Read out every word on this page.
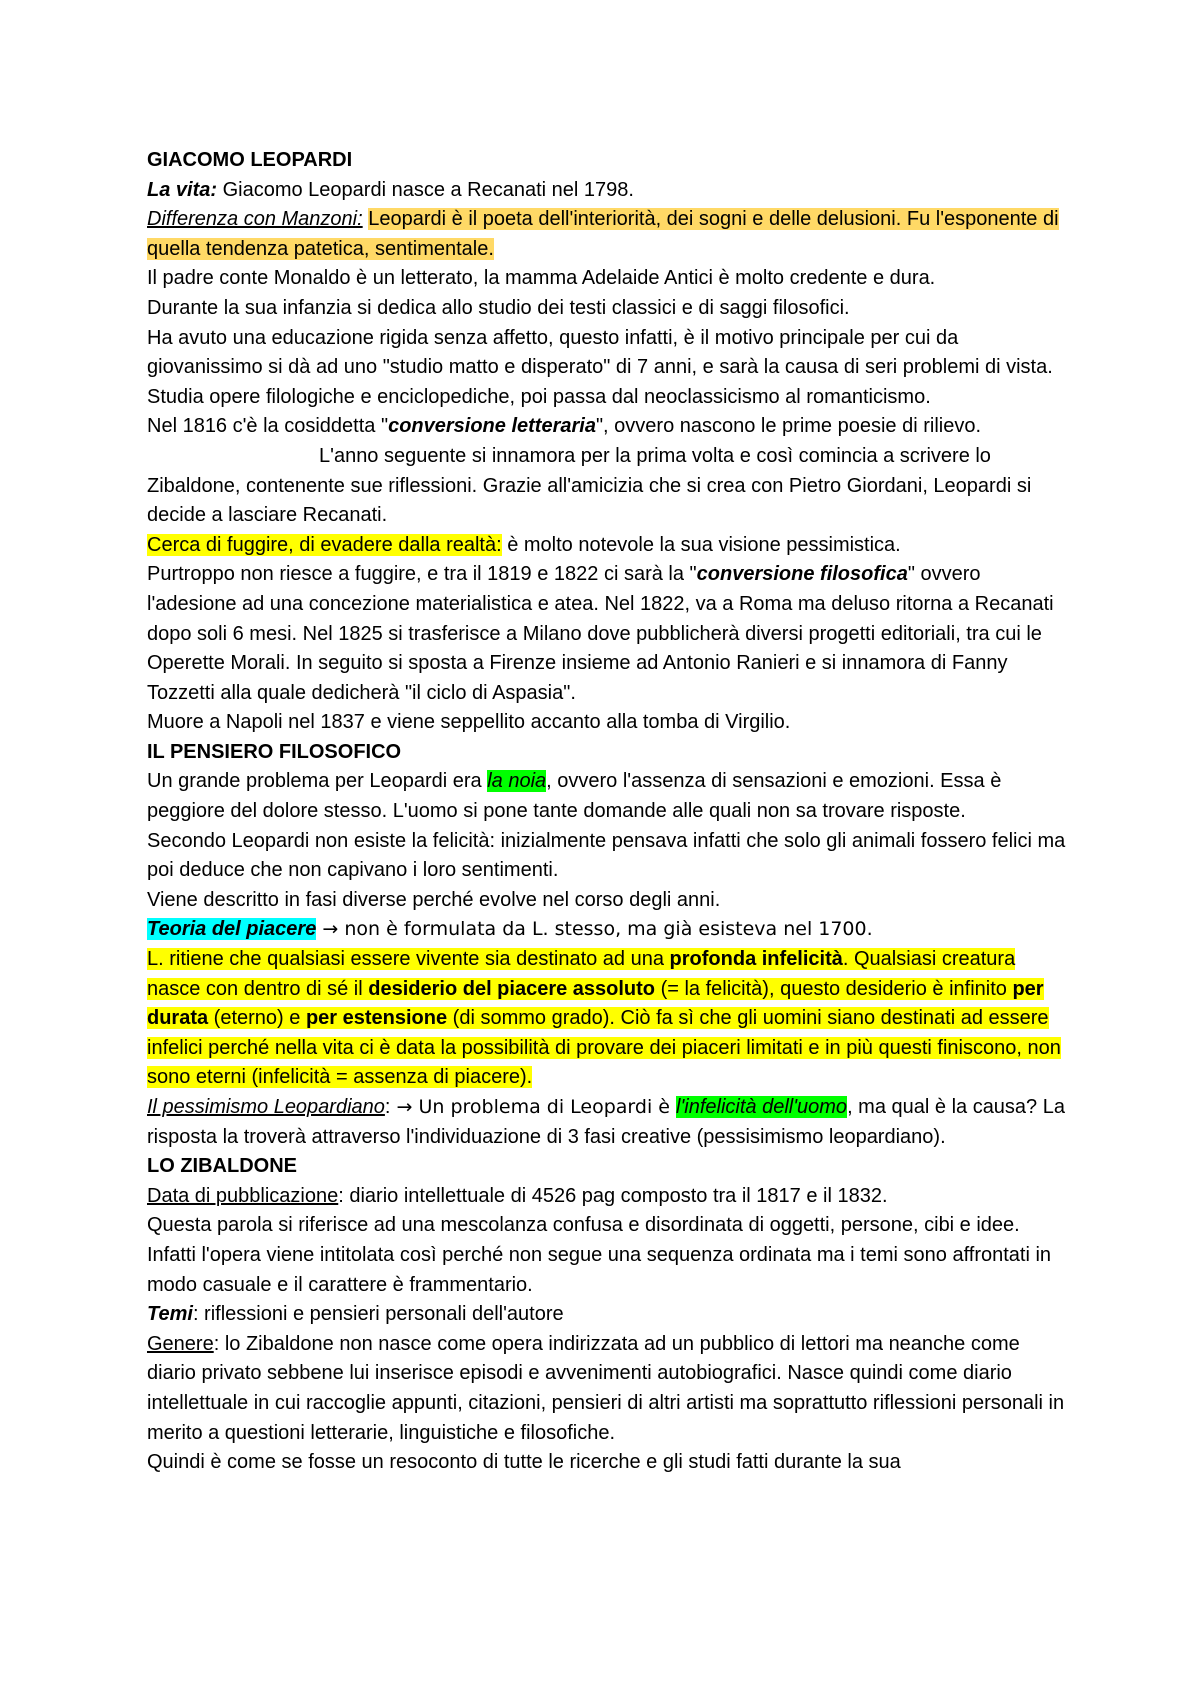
GIACOMO LEOPARDI

La vita: Giacomo Leopardi nasce a Recanati nel 1798.

Differenza con Manzoni: Leopardi è il poeta dell'interiorità, dei sogni e delle delusioni. Fu l'esponente di quella tendenza patetica, sentimentale.

Il padre conte Monaldo è un letterato, la mamma Adelaide Antici è molto credente e dura.

Durante la sua infanzia si dedica allo studio dei testi classici e di saggi filosofici.

Ha avuto una educazione rigida senza affetto, questo infatti, è il motivo principale per cui da giovanissimo si dà ad uno "studio matto e disperato" di 7 anni, e sarà la causa di seri problemi di vista.

Studia opere filologiche e enciclopediche, poi passa dal neoclassicismo al romanticismo.

Nel 1816 c'è la cosiddetta "conversione letteraria", ovvero nascono le prime poesie di rilievo.L'anno seguente si innamora per la prima volta e così comincia a scrivere lo Zibaldone, contenente sue riflessioni. Grazie all'amicizia che si crea con Pietro Giordani, Leopardi si decide a lasciare Recanati.

Cerca di fuggire, di evadere dalla realtà: è molto notevole la sua visione pessimistica.

Purtroppo non riesce a fuggire, e tra il 1819 e 1822 ci sarà la "conversione filosofica" ovvero l'adesione ad una concezione materialistica e atea. Nel 1822, va a Roma ma deluso ritorna a Recanati dopo soli 6 mesi. Nel 1825 si trasferisce a Milano dove pubblicherà diversi progetti editoriali, tra cui le Operette Morali. In seguito si sposta a Firenze insieme ad Antonio Ranieri e si innamora di Fanny Tozzetti alla quale dedicherà "il ciclo di Aspasia".

Muore a Napoli nel 1837 e viene seppellito accanto alla tomba di Virgilio.

IL PENSIERO FILOSOFICO

Un grande problema per Leopardi era la noia, ovvero l'assenza di sensazioni e emozioni. Essa è peggiore del dolore stesso. L'uomo si pone tante domande alle quali non sa trovare risposte.

Secondo Leopardi non esiste la felicità: inizialmente pensava infatti che solo gli animali fossero felici ma poi deduce che non capivano i loro sentimenti.

Viene descritto in fasi diverse perché evolve nel corso degli anni.

Teoria del piacere → non è formulata da L. stesso, ma già esisteva nel 1700.

L. ritiene che qualsiasi essere vivente sia destinato ad una profonda infelicità. Qualsiasi creatura nasce con dentro di sé il desiderio del piacere assoluto (= la felicità), questo desiderio è infinito per durata (eterno) e per estensione (di sommo grado). Ciò fa sì che gli uomini siano destinati ad essere infelici perché nella vita ci è data la possibilità di provare dei piaceri limitati e in più questi finiscono, non sono eterni (infelicità = assenza di piacere).

Il pessimismo Leopardiano: → Un problema di Leopardi è l'infelicità dell'uomo, ma qual è la causa? La risposta la troverà attraverso l'individuazione di 3 fasi creative (pessisimismo leopardiano).

LO ZIBALDONE

Data di pubblicazione: diario intellettuale di 4526 pag composto tra il 1817 e il 1832.

Questa parola si riferisce ad una mescolanza confusa e disordinata di oggetti, persone, cibi e idee. Infatti l'opera viene intitolata così perché non segue una sequenza ordinata ma i temi sono affrontati in modo casuale e il carattere è frammentario.

Temi: riflessioni e pensieri personali dell'autore

Genere: lo Zibaldone non nasce come opera indirizzata ad un pubblico di lettori ma neanche come diario privato sebbene lui inserisce episodi e avvenimenti autobiografici. Nasce quindi come diario intellettuale in cui raccoglie appunti, citazioni, pensieri di altri artisti ma soprattutto riflessioni personali in merito a questioni letterarie, linguistiche e filosofiche.

Quindi è come se fosse un resoconto di tutte le ricerche e gli studi fatti durante la sua
